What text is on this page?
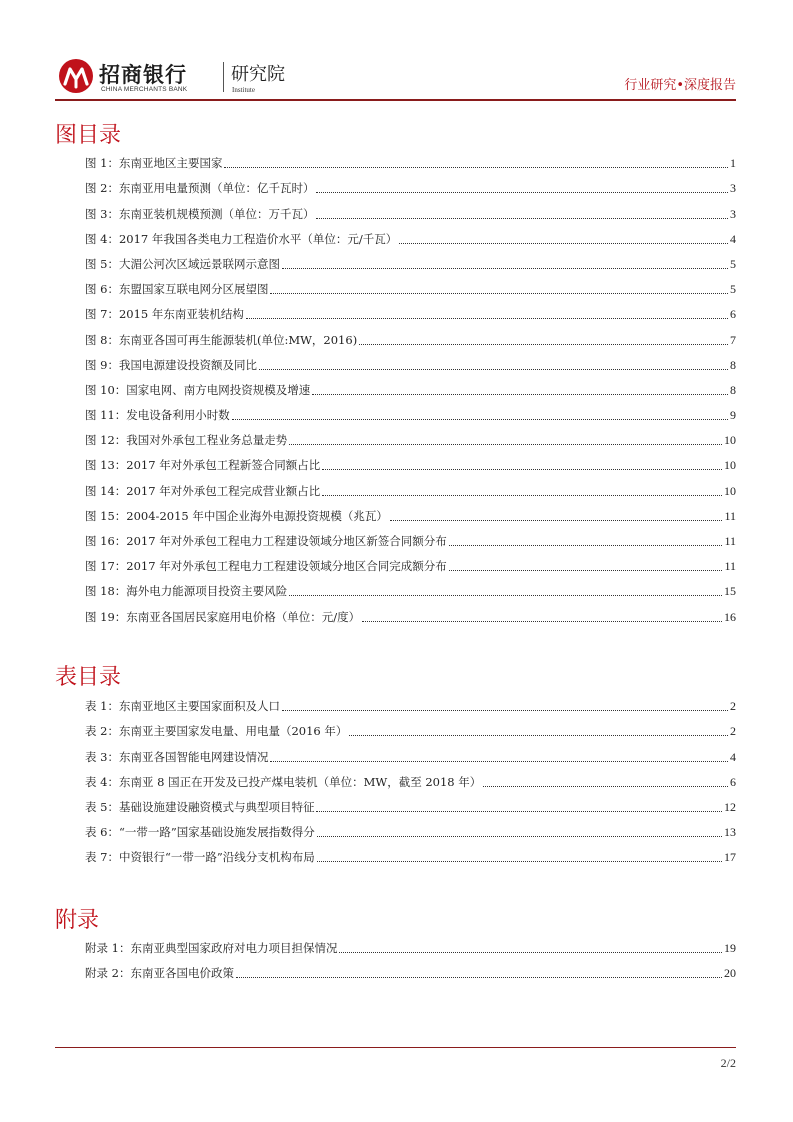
招商银行
CHINA MERCHANTS BANK
研究院
Institute	行业研究•深度报告
图目录
图 1：东南亚地区主要国家	1
图 2：东南亚用电量预测（单位：亿千瓦时）	3
图 3：东南亚装机规模预测（单位：万千瓦）	3
图 4：2017 年我国各类电力工程造价水平（单位：元/千瓦）	4
图 5：大湄公河次区域远景联网示意图	5
图 6：东盟国家互联电网分区展望图	5
图 7：2015 年东南亚装机结构	6
图 8：东南亚各国可再生能源装机(单位:MW，2016)	7
图 9：我国电源建设投资额及同比	8
图 10：国家电网、南方电网投资规模及增速	8
图 11：发电设备利用小时数	9
图 12：我国对外承包工程业务总量走势	10
图 13：2017 年对外承包工程新签合同额占比	10
图 14：2017 年对外承包工程完成营业额占比	10
图 15：2004-2015 年中国企业海外电源投资规模（兆瓦）	11
图 16：2017 年对外承包工程电力工程建设领域分地区新签合同额分布	11
图 17：2017 年对外承包工程电力工程建设领域分地区合同完成额分布	11
图 18：海外电力能源项目投资主要风险	15
图 19：东南亚各国居民家庭用电价格（单位：元/度）	16
表目录
表 1：东南亚地区主要国家面积及人口	2
表 2：东南亚主要国家发电量、用电量（2016 年）	2
表 3：东南亚各国智能电网建设情况	4
表 4：东南亚 8 国正在开发及已投产煤电装机（单位：MW，截至 2018 年）	6
表 5：基础设施建设融资模式与典型项目特征	12
表 6：“一带一路”国家基础设施发展指数得分	13
表 7：中资银行“一带一路”沿线分支机构布局	17
附录
附录 1：东南亚典型国家政府对电力项目担保情况	19
附录 2：东南亚各国电价政策	20
2/2
